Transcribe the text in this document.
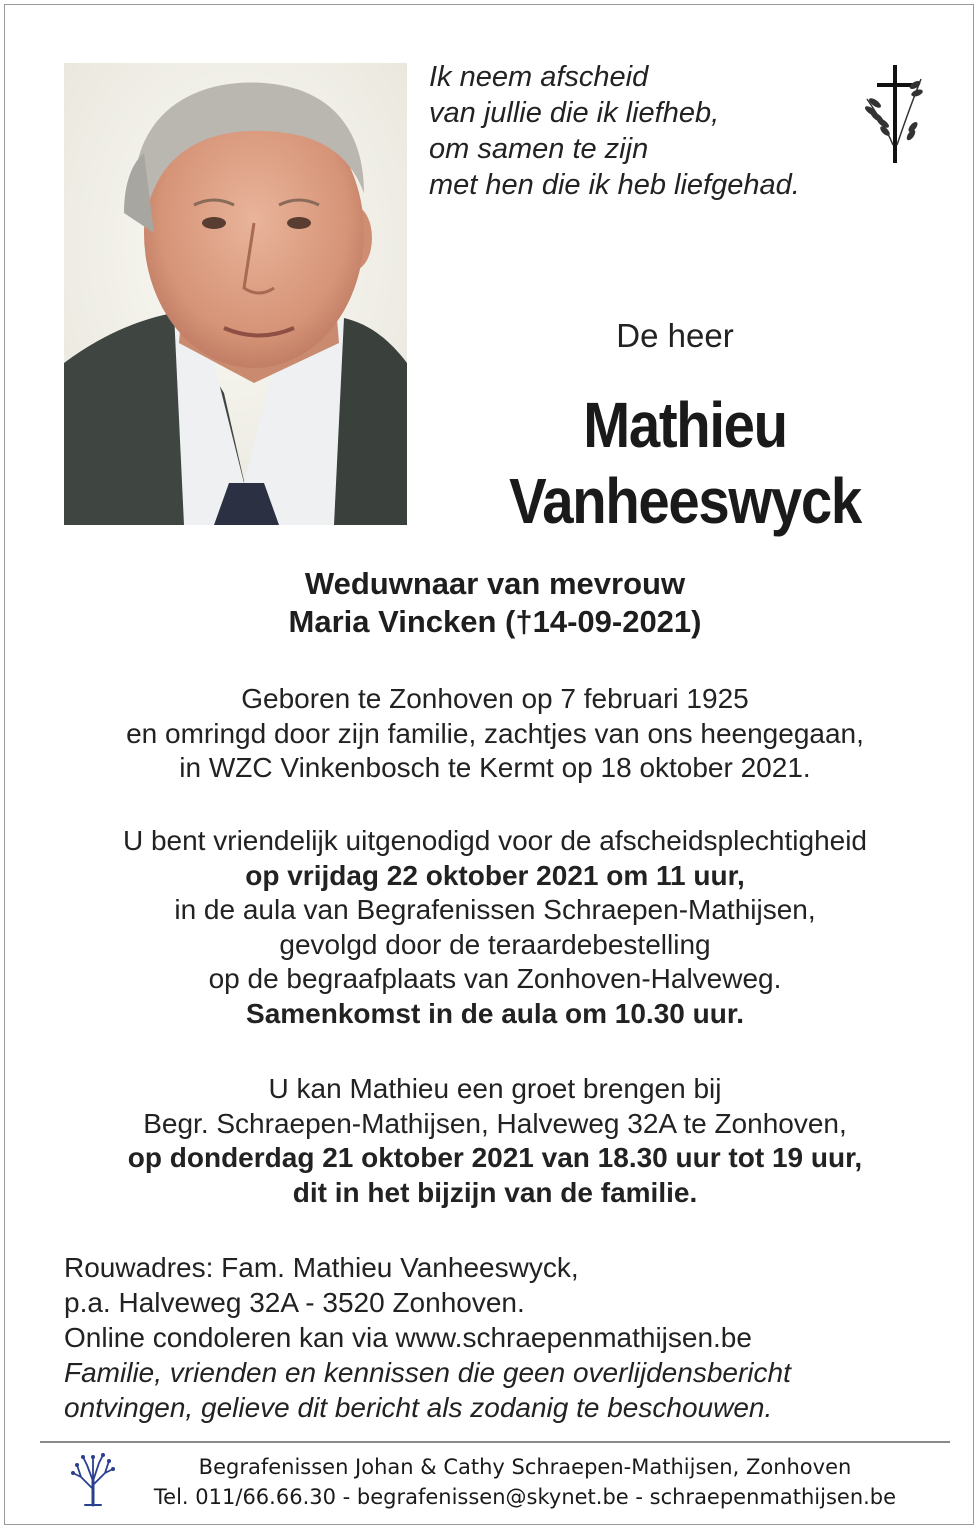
Ik neem afscheid
van jullie die ik liefheb,
om samen te zijn
met hen die ik heb liefgehad.
De heer
Mathieu
Vanheeswyck
Weduwnaar van mevrouw
Maria Vincken (†14-09-2021)
Geboren te Zonhoven op 7 februari 1925
en omringd door zijn familie, zachtjes van ons heengegaan,
in WZC Vinkenbosch te Kermt op 18 oktober 2021.
U bent vriendelijk uitgenodigd voor de afscheidsplechtigheid
op vrijdag 22 oktober 2021 om 11 uur,
in de aula van Begrafenissen Schraepen-Mathijsen,
gevolgd door de teraardebestelling
op de begraafplaats van Zonhoven-Halveweg.
Samenkomst in de aula om 10.30 uur.
U kan Mathieu een groet brengen bij
Begr. Schraepen-Mathijsen, Halveweg 32A te Zonhoven,
op donderdag 21 oktober 2021 van 18.30 uur tot 19 uur,
dit in het bijzijn van de familie.
Rouwadres: Fam. Mathieu Vanheeswyck,
p.a. Halveweg 32A - 3520 Zonhoven.
Online condoleren kan via www.schraepenmathijsen.be
Familie, vrienden en kennissen die geen overlijdensbericht
ontvingen, gelieve dit bericht als zodanig te beschouwen.
Begrafenissen Johan & Cathy Schraepen-Mathijsen, Zonhoven
Tel. 011/66.66.30 - begrafenissen@skynet.be - schraepenmathijsen.be
